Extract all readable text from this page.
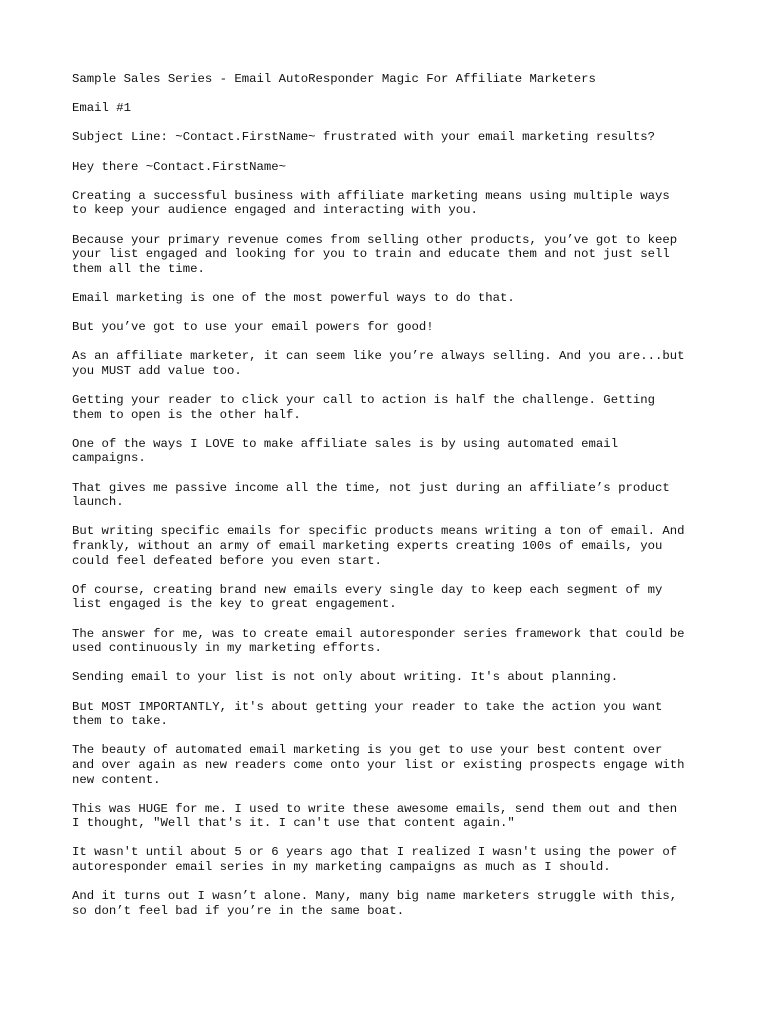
Sample Sales Series - Email AutoResponder Magic For Affiliate Marketers

Email #1

Subject Line: ~Contact.FirstName~ frustrated with your email marketing results?

Hey there ~Contact.FirstName~

Creating a successful business with affiliate marketing means using multiple ways
to keep your audience engaged and interacting with you.

Because your primary revenue comes from selling other products, you’ve got to keep
your list engaged and looking for you to train and educate them and not just sell
them all the time.

Email marketing is one of the most powerful ways to do that.

But you’ve got to use your email powers for good!

As an affiliate marketer, it can seem like you’re always selling. And you are...but
you MUST add value too.

Getting your reader to click your call to action is half the challenge. Getting
them to open is the other half.

One of the ways I LOVE to make affiliate sales is by using automated email
campaigns.

That gives me passive income all the time, not just during an affiliate’s product
launch.

But writing specific emails for specific products means writing a ton of email. And
frankly, without an army of email marketing experts creating 100s of emails, you
could feel defeated before you even start.

Of course, creating brand new emails every single day to keep each segment of my
list engaged is the key to great engagement.

The answer for me, was to create email autoresponder series framework that could be
used continuously in my marketing efforts.

Sending email to your list is not only about writing. It's about planning.

But MOST IMPORTANTLY, it's about getting your reader to take the action you want
them to take.

The beauty of automated email marketing is you get to use your best content over
and over again as new readers come onto your list or existing prospects engage with
new content.

This was HUGE for me. I used to write these awesome emails, send them out and then
I thought, "Well that's it. I can't use that content again."

It wasn't until about 5 or 6 years ago that I realized I wasn't using the power of
autoresponder email series in my marketing campaigns as much as I should.

And it turns out I wasn’t alone. Many, many big name marketers struggle with this,
so don’t feel bad if you’re in the same boat.
